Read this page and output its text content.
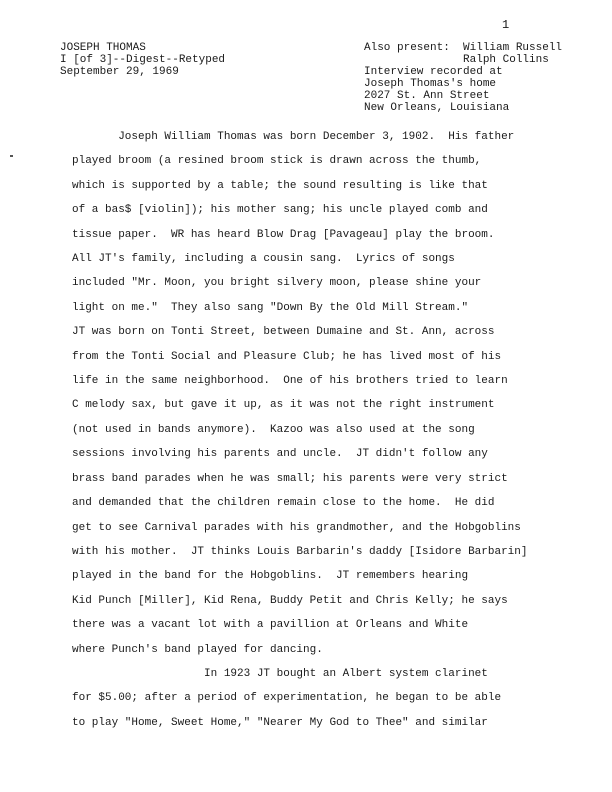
1
JOSEPH THOMAS
I [of 3]--Digest--Retyped
September 29, 1969
Also present:  William Russell
Ralph Collins
Interview recorded at
Joseph Thomas's home
2027 St. Ann Street
New Orleans, Louisiana
Joseph William Thomas was born December 3, 1902.  His father
played broom (a resined broom stick is drawn across the thumb,
which is supported by a table; the sound resulting is like that
of a bas$ [violin]); his mother sang; his uncle played comb and
tissue paper.  WR has heard Blow Drag [Pavageau] play the broom.
All JT's family, including a cousin sang.  Lyrics of songs
included "Mr. Moon, you bright silvery moon, please shine your
light on me."  They also sang "Down By the Old Mill Stream."
JT was born on Tonti Street, between Dumaine and St. Ann, across
from the Tonti Social and Pleasure Club; he has lived most of his
life in the same neighborhood.  One of his brothers tried to learn
C melody sax, but gave it up, as it was not the right instrument
(not used in bands anymore).  Kazoo was also used at the song
sessions involving his parents and uncle.  JT didn't follow any
brass band parades when he was small; his parents were very strict
and demanded that the children remain close to the home.  He did
get to see Carnival parades with his grandmother, and the Hobgoblins
with his mother.  JT thinks Louis Barbarin's daddy [Isidore Barbarin]
played in the band for the Hobgoblins.  JT remembers hearing
Kid Punch [Miller], Kid Rena, Buddy Petit and Chris Kelly; he says
there was a vacant lot with a pavillion at Orleans and White
where Punch's band played for dancing.
In 1923 JT bought an Albert system clarinet
for $5.00; after a period of experimentation, he began to be able
to play "Home, Sweet Home," "Nearer My God to Thee" and similar
